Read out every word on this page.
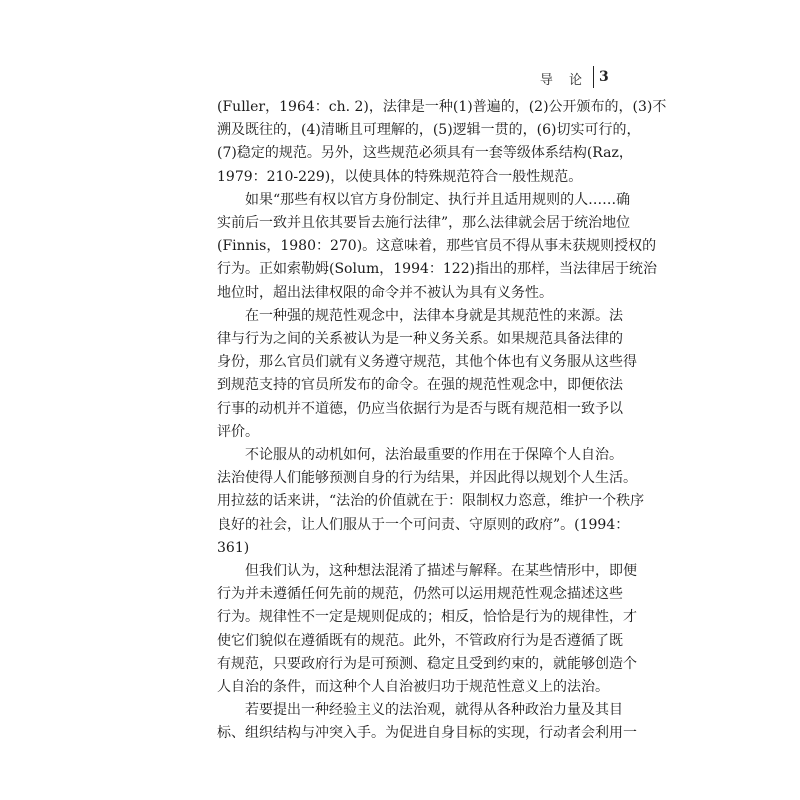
导 论 3

(Fuller，1964：ch. 2)，法律是一种(1)普遍的，(2)公开颁布的，(3)不
溯及既往的，(4)清晰且可理解的，(5)逻辑一贯的，(6)切实可行的，
(7)稳定的规范。另外，这些规范必须具有一套等级体系结构(Raz，
1979：210-229)，以使具体的特殊规范符合一般性规范。

如果“那些有权以官方身份制定、执行并且适用规则的人……确
实前后一致并且依其要旨去施行法律”，那么法律就会居于统治地位
(Finnis，1980：270)。这意味着，那些官员不得从事未获规则授权的
行为。正如索勒姆(Solum，1994：122)指出的那样，当法律居于统治
地位时，超出法律权限的命令并不被认为具有义务性。

在一种强的规范性观念中，法律本身就是其规范性的来源。法
律与行为之间的关系被认为是一种义务关系。如果规范具备法律的
身份，那么官员们就有义务遵守规范，其他个体也有义务服从这些得
到规范支持的官员所发布的命令。在强的规范性观念中，即便依法
行事的动机并不道德，仍应当依据行为是否与既有规范相一致予以
评价。

不论服从的动机如何，法治最重要的作用在于保障个人自治。
法治使得人们能够预测自身的行为结果，并因此得以规划个人生活。
用拉兹的话来讲，“法治的价值就在于：限制权力恣意，维护一个秩序
良好的社会，让人们服从于一个可问责、守原则的政府”。(1994：
361)

但我们认为，这种想法混淆了描述与解释。在某些情形中，即便
行为并未遵循任何先前的规范，仍然可以运用规范性观念描述这些
行为。规律性不一定是规则促成的；相反，恰恰是行为的规律性，才
使它们貌似在遵循既有的规范。此外，不管政府行为是否遵循了既
有规范，只要政府行为是可预测、稳定且受到约束的，就能够创造个
人自治的条件，而这种个人自治被归功于规范性意义上的法治。

若要提出一种经验主义的法治观，就得从各种政治力量及其目
标、组织结构与冲突入手。为促进自身目标的实现，行动者会利用一
